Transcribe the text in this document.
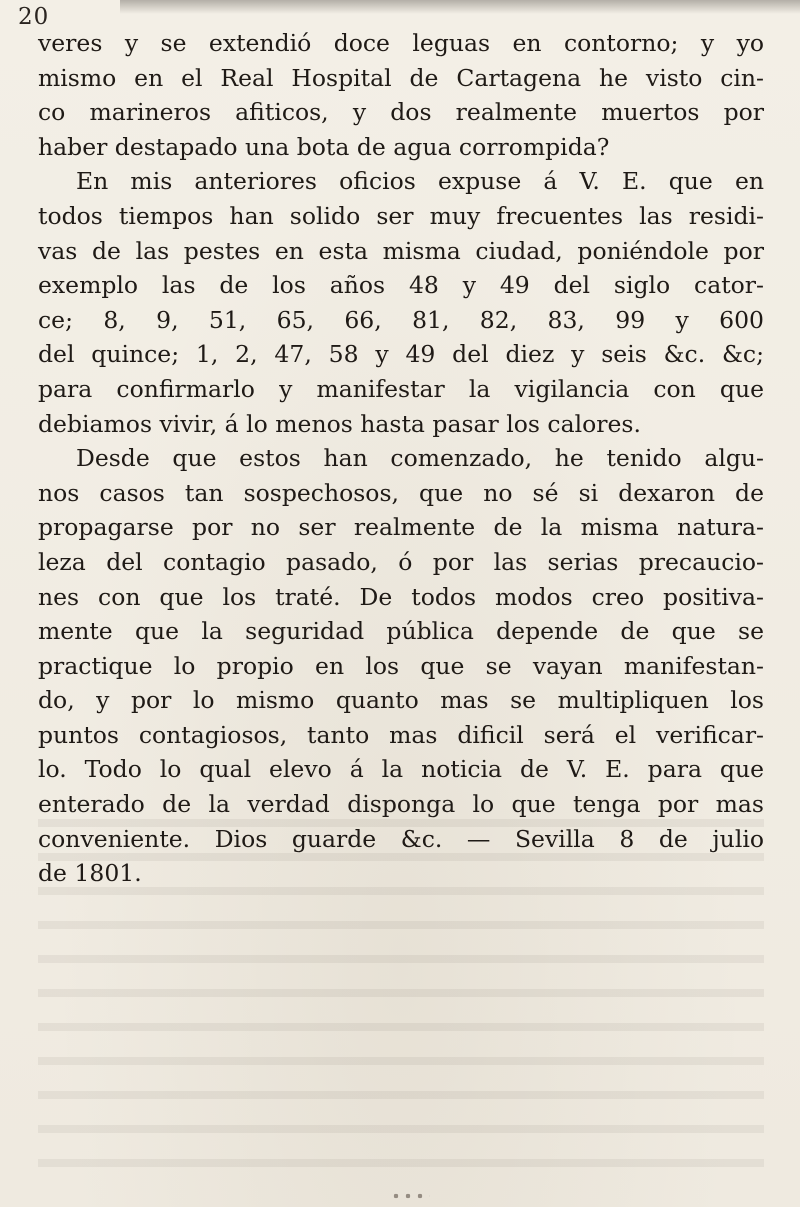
20
veres y se extendió doce leguas en contorno; y yo
mismo en el Real Hospital de Cartagena he visto cin-
co marineros afiticos, y dos realmente muertos por
haber destapado una bota de agua corrompida?
En mis anteriores oficios expuse á V. E. que en
todos tiempos han solido ser muy frecuentes las residi-
vas de las pestes en esta misma ciudad, poniéndole por
exemplo las de los años 48 y 49 del siglo cator-
ce; 8, 9, 51, 65, 66, 81, 82, 83, 99 y 600
del quince; 1, 2, 47, 58 y 49 del diez y seis &c. &c;
para confirmarlo y manifestar la vigilancia con que
debiamos vivir, á lo menos hasta pasar los calores.
Desde que estos han comenzado, he tenido algu-
nos casos tan sospechosos, que no sé si dexaron de
propagarse por no ser realmente de la misma natura-
leza del contagio pasado, ó por las serias precaucio-
nes con que los traté. De todos modos creo positiva-
mente que la seguridad pública depende de que se
practique lo propio en los que se vayan manifestan-
do, y por lo mismo quanto mas se multipliquen los
puntos contagiosos, tanto mas dificil será el verificar-
lo. Todo lo qual elevo á la noticia de V. E. para que
enterado de la verdad disponga lo que tenga por mas
conveniente. Dios guarde &c. — Sevilla 8 de julio
de 1801.
